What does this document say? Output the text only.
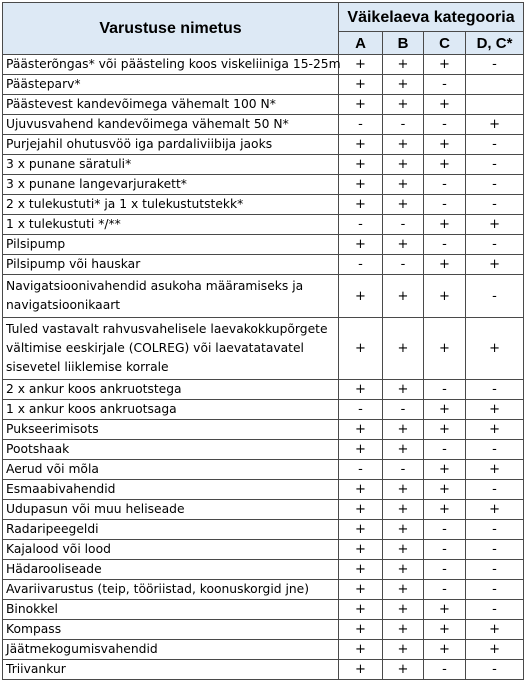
Varustuse nimetus	Väikelaeva kategooria			
	A	B	C	D, C*
Päästerõngas* või päästeling koos viskeliiniga 15-25m	+	+	+	-
Päästeparv*	+	+	-	
Päästevest kandevõimega vähemalt 100 N*	+	+	+	
Ujuvusvahend kandevõimega vähemalt 50 N*	-	-	-	+
Purjejahil ohutusvöö iga pardaliviibija jaoks	+	+	+	-
3 x punane säratuli*	+	+	+	-
3 x punane langevarjurakett*	+	+	-	-
2 x tulekustuti* ja 1 x tulekustutstekk*	+	+	-	-
1 x tulekustuti */**	-	-	+	+
Pilsipump	+	+	-	-
Pilsipump või hauskar	-	-	+	+
Navigatsioonivahendid asukoha määramiseks ja navigatsioonikaart	+	+	+	-
Tuled vastavalt rahvusvahelisele laevakokkupõrgete vältimise eeskirjale (COLREG) või laevatatavatel sisevetel liiklemise korrale	+	+	+	+
2 x ankur koos ankruotstega	+	+	-	-
1 x ankur koos ankruotsaga	-	-	+	+
Pukseerimisots	+	+	+	+
Pootshaak	+	+	-	-
Aerud või mõla	-	-	+	+
Esmaabivahendid	+	+	+	-
Udupasun või muu heliseade	+	+	+	+
Radaripeegeldi	+	+	-	-
Kajalood või lood	+	+	-	-
Hädarooliseade	+	+	-	-
Avariivarustus (teip, tööriistad, koonuskorgid jne)	+	+	-	-
Binokkel	+	+	+	-
Kompass	+	+	+	+
Jäätmekogumisvahendid	+	+	+	+
Triivankur	+	+	-	-
